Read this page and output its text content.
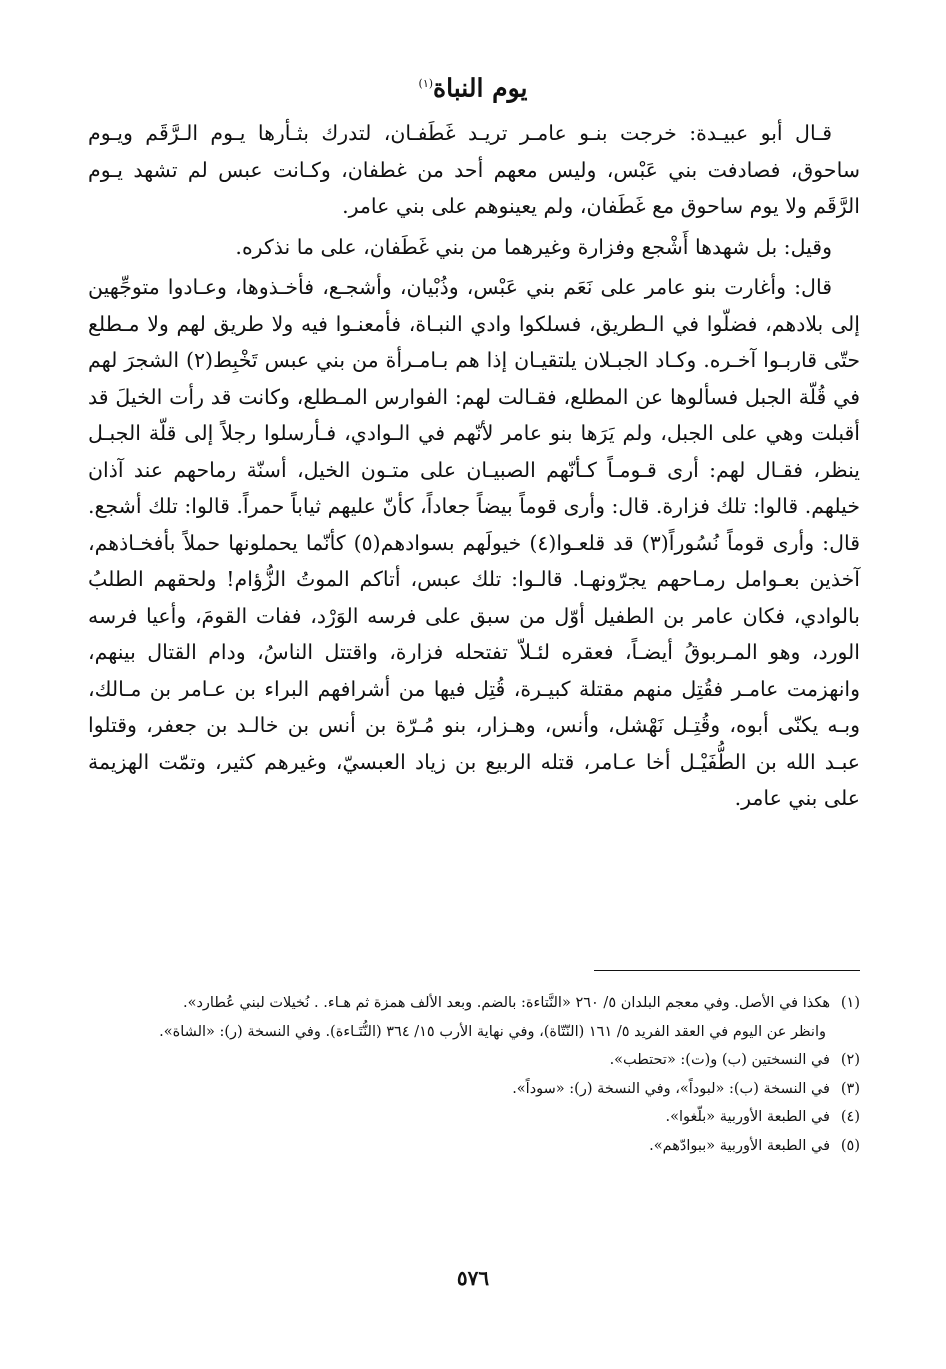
يوم النباة$^{(١)}$

قـال أبو عبيـدة: خرجت بنـو عامـر تريـد غَطَفـان، لتدرك بثـأرها يـوم الـرَّقَم ويـوم ساحوق، فصادفت بني عَبْس، وليس معهم أحد من غطفان، وكـانت عبس لم تشهد يـوم الرَّقَم ولا يوم ساحوق مع غَطَفان، ولم يعينوهم على بني عامر.

وقيل: بل شهدها أَشْجع وفزارة وغيرهما من بني غَطَفان، على ما نذكره.

قال: وأغارت بنو عامر على نَعَم بني عَبْس، وذُبْيان، وأشجـع، فأخـذوها، وعـادوا متوجِّهين إلى بلادهم، فضلّوا في الـطريق، فسلكوا وادي النبـاة، فأمعنـوا فيه ولا طريق لهم ولا مـطلع حتّى قاربـوا آخـره. وكـاد الجبـلان يلتقيـان إذا هم بـامـرأة من بني عبس تَخْبِط(٢) الشجرَ لهم في قُلّة الجبل فسألوها عن المطلع، فقـالت لهم: الفوارس المـطلع، وكانت قد رأت الخيلَ قد أقبلت وهي على الجبل، ولم يَرَها بنو عامر لأنّهم في الـوادي، فـأرسلوا رجلاً إلى قلّة الجبـل ينظر، فقـال لهم: أرى قـومـاً كـأنّهم الصبيـان على متـون الخيل، أسنّة رماحهم عند آذان خيلهم. قالوا: تلك فزارة. قال: وأرى قوماً بيضاً جعاداً، كأنّ عليهم ثياباً حمراً. قالوا: تلك أشجع. قال: وأرى قوماً نُسُوراً(٣) قد قلعـوا(٤) خيولَهم بسوادهم(٥) كأنّما يحملونها حملاً بأفخـاذهم، آخذين بعـوامل رمـاحهم يجرّونهـا. قالـوا: تلك عبس، أتاكم الموتُ الزُّؤام! ولحقهم الطلبُ بالوادي، فكان عامر بن الطفيل أوّل من سبق على فرسه الوَرْد، ففات القومَ، وأعيا فرسه الورد، وهو المـربوقُ أيضـاً، فعقره لئـلاّ تفتحله فزارة، واقتتل الناسُ، ودام القتال بينهم، وانهزمت عامـر فقُتِل منهم مقتلة كبيـرة، قُتِل فيها من أشرافهم البراء بن عـامر بن مـالك، وبـه يكنّى أبوه، وقُتِـل نَهْشل، وأنس، وهـزار، بنو مُـرّة بن أنس بن خالـد بن جعفر، وقتلوا عبـد الله بن الطُّفَيْـل أخا عـامر، قتله الربيع بن زياد العبسيّ، وغيرهم كثير، وتمّت الهزيمة على بني عامر.

(١)هكذا في الأصل. وفي معجم البلدان ٥/ ٢٦٠ «النَّتاءة: بالضم. وبعد الألف همزة ثم هـاء. . نُخيلات لبني عُطارد».

وانظر عن اليوم في العقد الفريد ٥/ ١٦١ (النّتّاة)، وفي نهاية الأرب ١٥/ ٣٦٤ (النُّتَـاءة). وفي النسخة (ر): «الشاة».

(٢)في النسختين (ب) و(ت): «تحتطب».

(٣)في النسخة (ب): «لبوداً»، وفي النسخة (ر): «سوداً».

(٤)في الطبعة الأوربية «بلّغوا».

(٥)في الطبعة الأوربية «ببوادّهم».

٥٧٦
